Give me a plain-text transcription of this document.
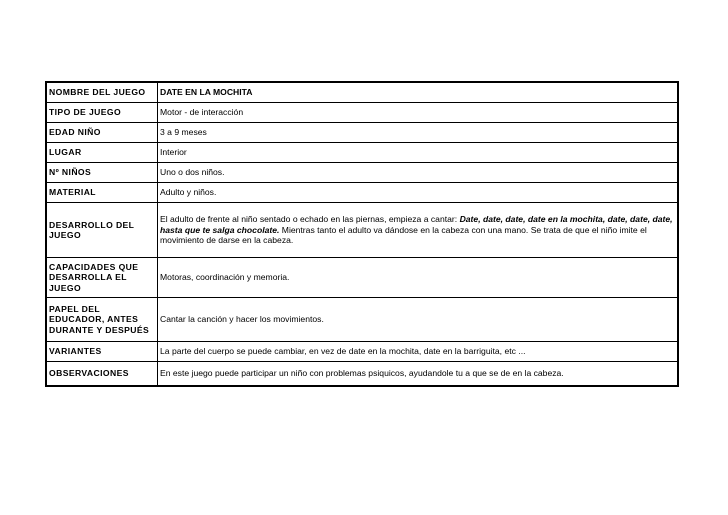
NOMBRE DEL JUEGO	DATE EN LA MOCHITA
TIPO DE JUEGO	Motor - de interacción
EDAD NIÑO	3 a 9 meses
LUGAR	Interior
Nº NIÑOS	Uno o dos niños.
MATERIAL	Adulto y niños.
DESARROLLO DEL JUEGO	El adulto de frente al niño sentado o echado en las piernas, empieza a cantar: Date, date, date, date en la mochita, date, date, date, hasta que te salga chocolate. Mientras tanto el adulto va dándose en la cabeza con una mano. Se trata de que el niño imite el movimiento de darse en la cabeza.
CAPACIDADES QUE DESARROLLA EL JUEGO	Motoras, coordinación y memoria.
PAPEL DEL EDUCADOR, ANTES DURANTE Y DESPUÉS	Cantar la canción y hacer los movimientos.
VARIANTES	La parte del cuerpo se puede cambiar, en vez de date en la mochita, date en la barriguita, etc ...
OBSERVACIONES	En este juego puede participar un niño con problemas psiquicos, ayudandole tu a que se de en la cabeza.
